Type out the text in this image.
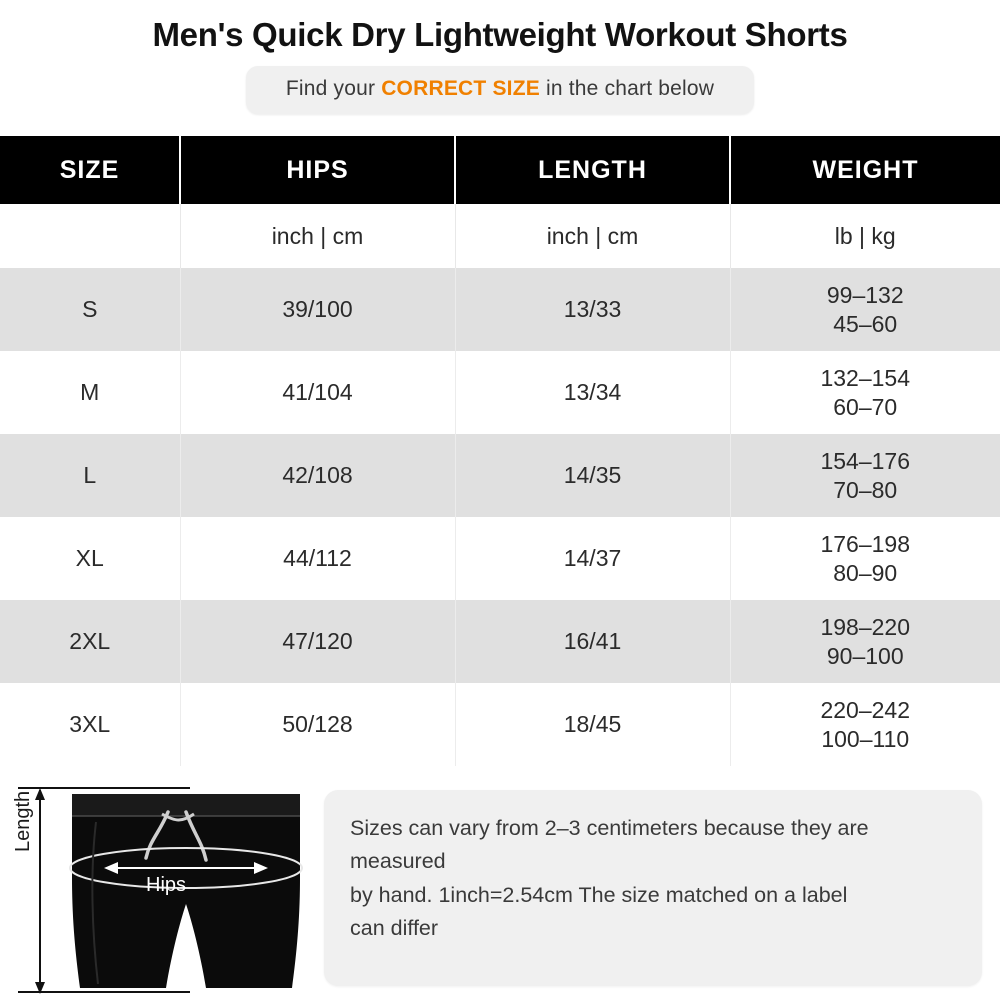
Men's Quick Dry Lightweight Workout Shorts
Find your CORRECT SIZE in the chart below
SIZE	HIPS	LENGTH	WEIGHT
	inch | cm	inch | cm	lb | kg
S	39/100	13/33	99–132
45–60

M	41/104	13/34	132–154
60–70

L	42/108	14/35	154–176
70–80

XL	44/112	14/37	176–198
80–90

2XL	47/120	16/41	198–220
90–100

3XL	50/128	18/45	220–242
100–110
Length
Hips
Sizes can vary from 2–3 centimeters because they are measured
by hand. 1inch=2.54cm The size matched on a label
can differ
